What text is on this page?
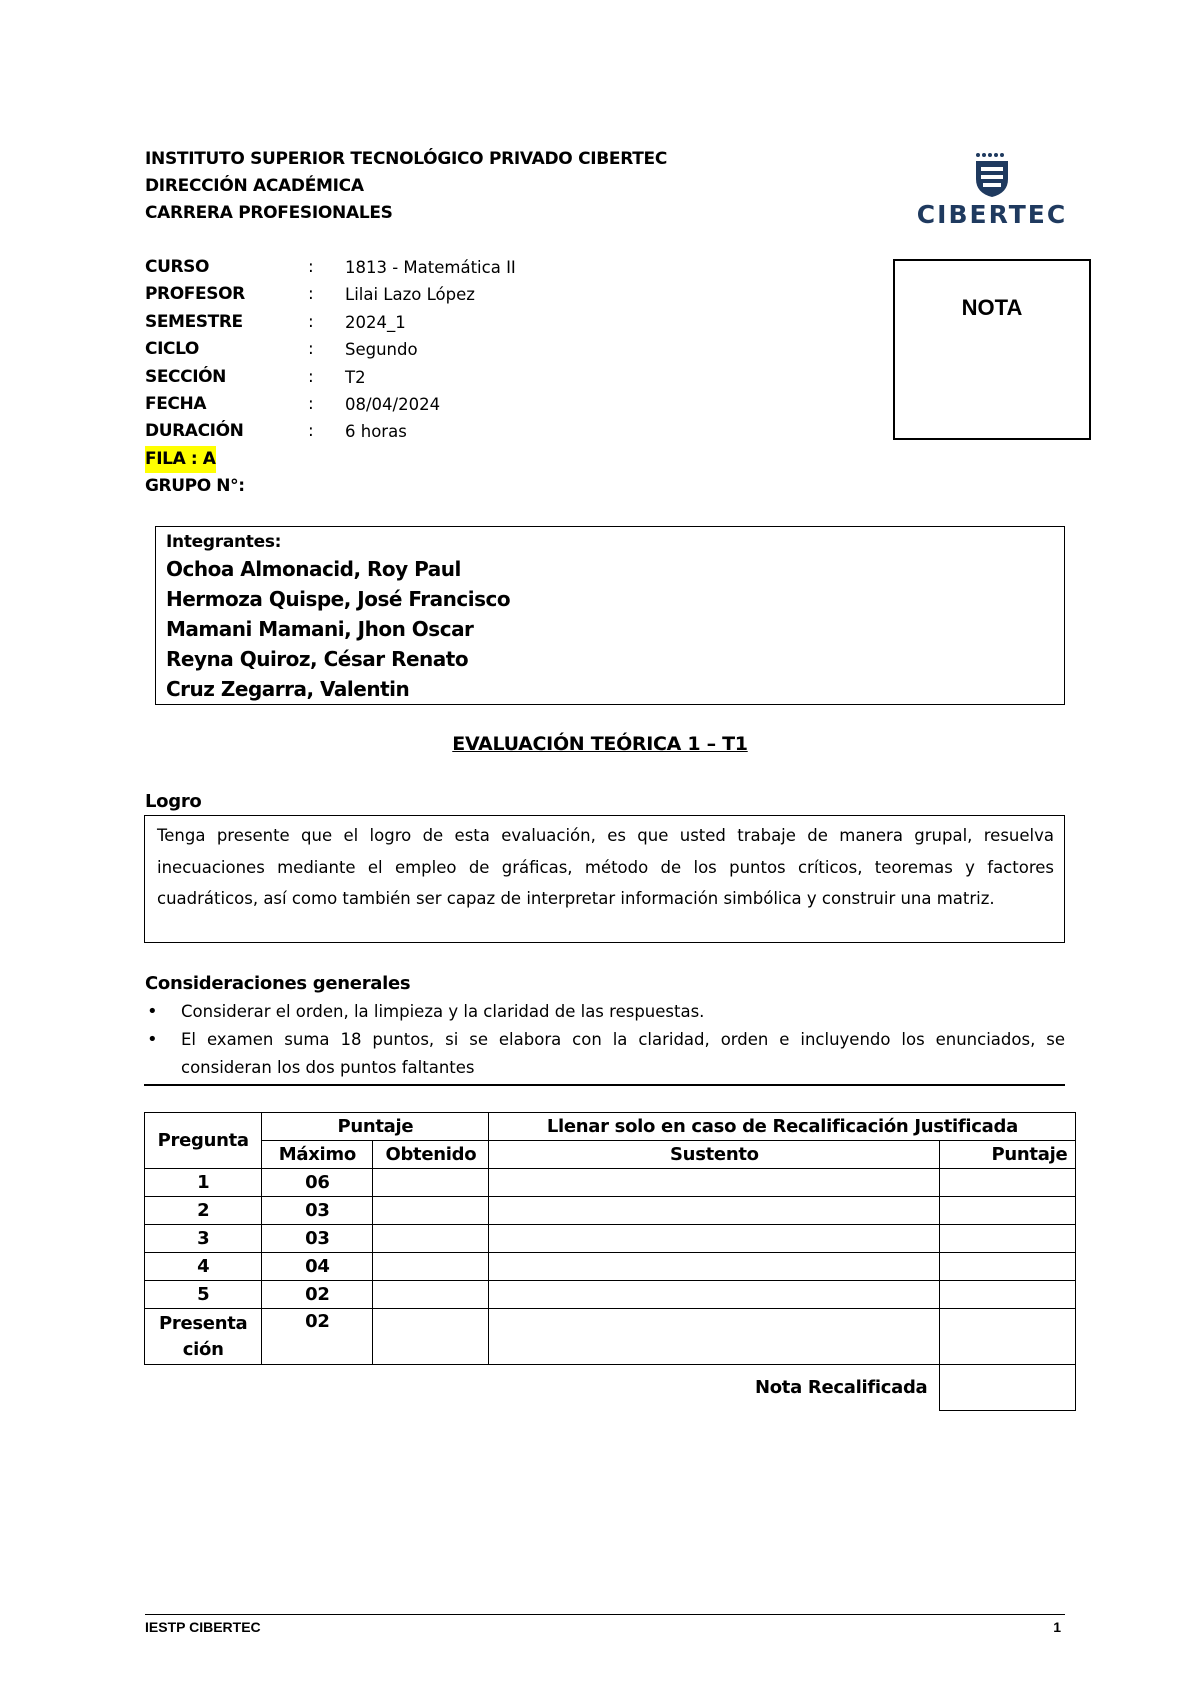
INSTITUTO SUPERIOR TECNOLÓGICO PRIVADO CIBERTEC
DIRECCIÓN ACADÉMICA
CARRERA PROFESIONALES	CIBERTEC
CURSO	: 1813 - Matemática II
PROFESOR	: Lilai Lazo López
SEMESTRE	: 2024_1
CICLO	: Segundo
SECCIÓN	: T2
FECHA	: 08/04/2024
DURACIÓN	: 6 horas
FILA : A
GRUPO N°:
NOTA
Integrantes:
Ochoa Almonacid, Roy Paul
Hermoza Quispe, José Francisco
Mamani Mamani, Jhon Oscar
Reyna Quiroz, César Renato
Cruz Zegarra, Valentin
EVALUACIÓN TEÓRICA 1 – T1
Logro
Tenga presente que el logro de esta evaluación, es que usted trabaje de manera grupal, resuelva inecuaciones mediante el empleo de gráficas, método de los puntos críticos, teoremas y factores cuadráticos, así como también ser capaz de interpretar información simbólica y construir una matriz.
Consideraciones generales
• Considerar el orden, la limpieza y la claridad de las respuestas.
• El examen suma 18 puntos, si se elabora con la claridad, orden e incluyendo los enunciados, se consideran los dos puntos faltantes
Pregunta	Puntaje		Llenar solo en caso de Recalificación Justificada	
	Máximo	Obtenido	Sustento	Puntaje
1	06			
2	03			
3	03			
4	04			
5	02			
Presenta ción	02			
Nota Recalificada				
IESTP CIBERTEC	1
